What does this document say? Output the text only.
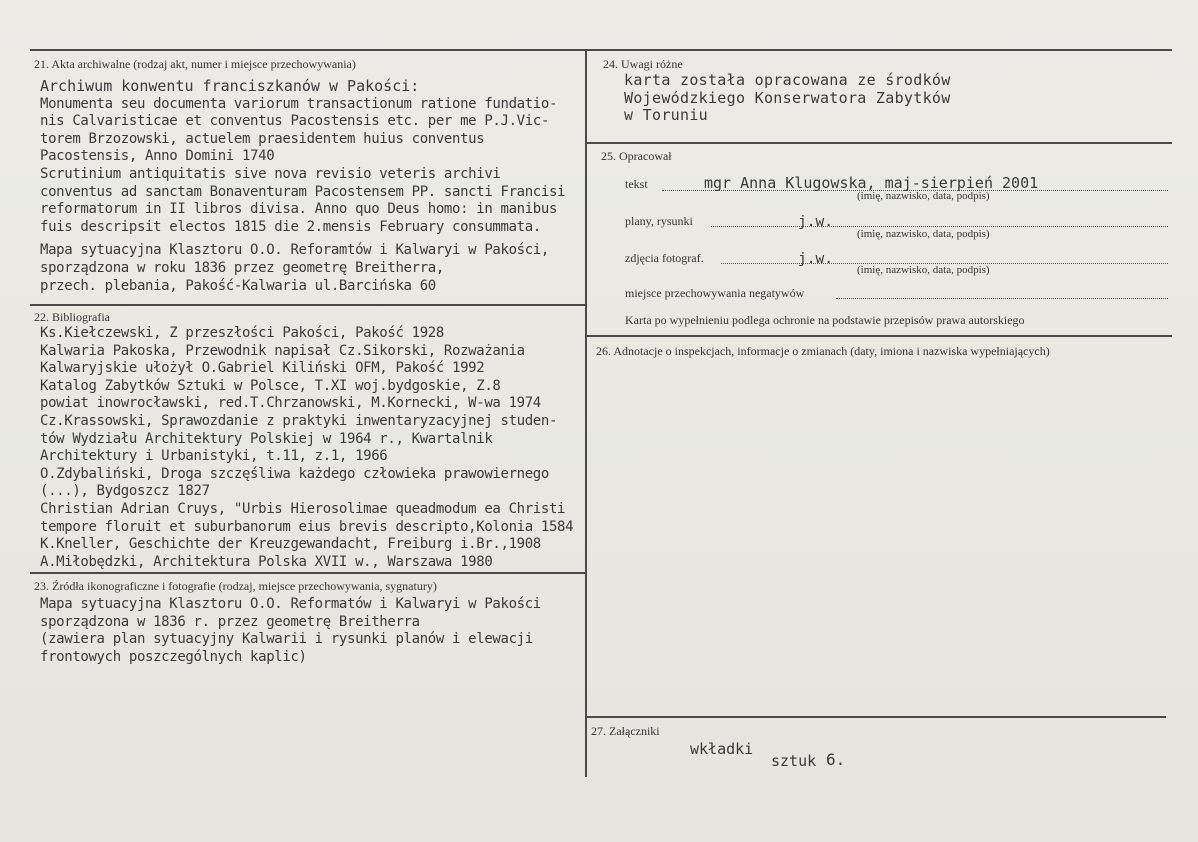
21. Akta archiwalne (rodzaj akt, numer i miejsce przechowywania)
Archiwum konwentu franciszkanów w Pakości:
Monumenta seu documenta variorum transactionum ratione fundatio-
nis Calvaristicae et conventus Pacostensis etc. per me P.J.Vic-
torem Brzozowski, actuelem praesidentem huius conventus
Pacostensis, Anno Domini 1740
Scrutinium antiquitatis sive nova revisio veteris archivi
conventus ad sanctam Bonaventuram Pacostensem PP. sancti Francisi
reformatorum in II libros divisa. Anno quo Deus homo: in manibus
fuis descripsit electos 1815 die 2.mensis February consummata.
Mapa sytuacyjna Klasztoru O.O. Reforamtów i Kalwaryi w Pakości,
sporządzona w roku 1836 przez geometrę Breitherra,
przech. plebania, Pakość-Kalwaria ul.Barcińska 60
22. Bibliografia
Ks.Kiełczewski, Z przeszłości Pakości, Pakość 1928
Kalwaria Pakoska, Przewodnik napisał Cz.Sikorski, Rozważania
Kalwaryjskie ułożył O.Gabriel Kiliński OFM, Pakość 1992
Katalog Zabytków Sztuki w Polsce, T.XI woj.bydgoskie, Z.8
powiat inowrocławski, red.T.Chrzanowski, M.Kornecki, W-wa 1974
Cz.Krassowski, Sprawozdanie z praktyki inwentaryzacyjnej studen-
tów Wydziału Architektury Polskiej w 1964 r., Kwartalnik
Architektury i Urbanistyki, t.11, z.1, 1966
O.Zdybaliński, Droga szczęśliwa każdego człowieka prawowiernego
(...), Bydgoszcz 1827
Christian Adrian Cruys, "Urbis Hierosolimae queadmodum ea Christi
tempore floruit et suburbanorum eius brevis descripto,Kolonia 1584
K.Kneller, Geschichte der Kreuzgewandacht, Freiburg i.Br.,1908
A.Miłobędzki, Architektura Polska XVII w., Warszawa 1980
23. Źródła ikonograficzne i fotografie (rodzaj, miejsce przechowywania, sygnatury)
Mapa sytuacyjna Klasztoru O.O. Reformatów i Kalwaryi w Pakości
sporządzona w 1836 r. przez geometrę Breitherra
(zawiera plan sytuacyjny Kalwarii i rysunki planów i elewacji
frontowych poszczególnych kaplic)
24. Uwagi różne
karta została opracowana ze środków
Wojewódzkiego Konserwatora Zabytków
w Toruniu
25. Opracował
tekst	mgr Anna Klugowska, maj-sierpień 2001
(imię, nazwisko, data, podpis)
plany, rysunki	j.w.
(imię, nazwisko, data, podpis)
zdjęcia fotograf.	j.w.
(imię, nazwisko, data, podpis)
miejsce przechowywania negatywów
Karta po wypełnieniu podlega ochronie na podstawie przepisów prawa autorskiego
26. Adnotacje o inspekcjach, informacje o zmianach (daty, imiona i nazwiska wypełniających)
27. Załączniki
wkładki
sztuk 6.
